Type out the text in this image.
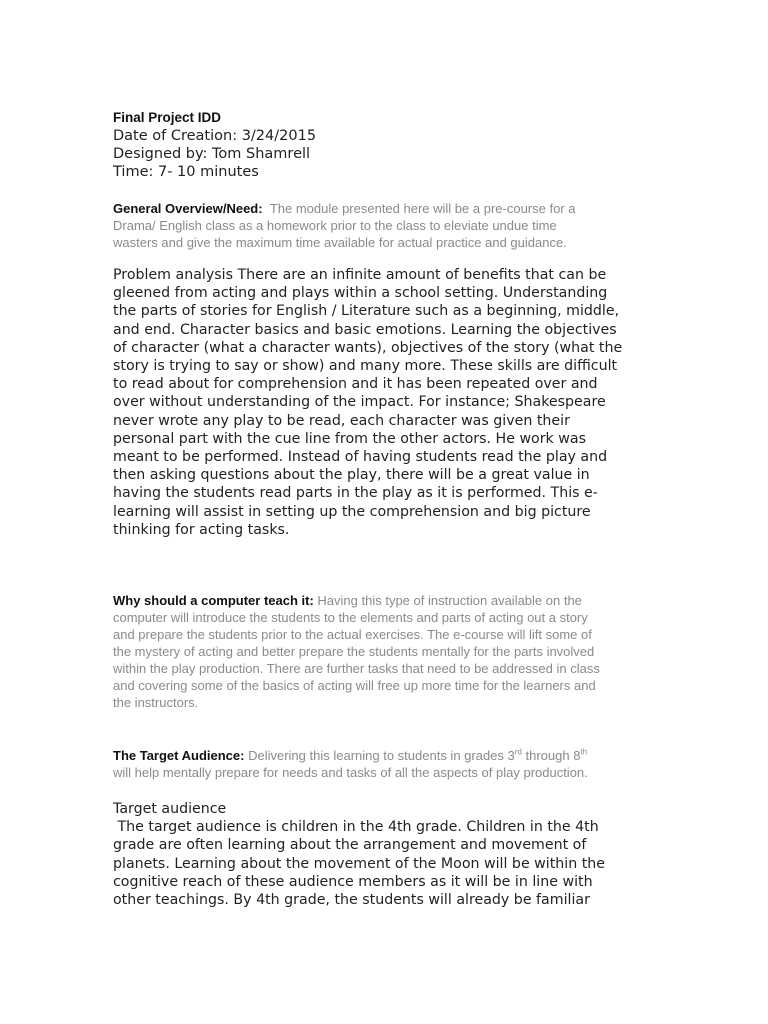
Final Project IDD
Date of Creation: 3/24/2015
Designed by: Tom Shamrell
Time: 7- 10 minutes
General Overview/Need: The module presented here will be a pre-course for a
Drama/ English class as a homework prior to the class to eleviate undue time
wasters and give the maximum time available for actual practice and guidance.
Problem analysis There are an infinite amount of benefits that can be
gleened from acting and plays within a school setting. Understanding
the parts of stories for English / Literature such as a beginning, middle,
and end. Character basics and basic emotions. Learning the objectives
of character (what a character wants), objectives of the story (what the
story is trying to say or show) and many more. These skills are difficult
to read about for comprehension and it has been repeated over and
over without understanding of the impact. For instance; Shakespeare
never wrote any play to be read, each character was given their
personal part with the cue line from the other actors. He work was
meant to be performed. Instead of having students read the play and
then asking questions about the play, there will be a great value in
having the students read parts in the play as it is performed. This e-
learning will assist in setting up the comprehension and big picture
thinking for acting tasks.
Why should a computer teach it: Having this type of instruction available on the
computer will introduce the students to the elements and parts of acting out a story
and prepare the students prior to the actual exercises. The e-course will lift some of
the mystery of acting and better prepare the students mentally for the parts involved
within the play production. There are further tasks that need to be addressed in class
and covering some of the basics of acting will free up more time for the learners and
the instructors.
The Target Audience: Delivering this learning to students in grades 3rd through 8th
will help mentally prepare for needs and tasks of all the aspects of play production.
Target audience
The target audience is children in the 4th grade. Children in the 4th
grade are often learning about the arrangement and movement of
planets. Learning about the movement of the Moon will be within the
cognitive reach of these audience members as it will be in line with
other teachings. By 4th grade, the students will already be familiar
